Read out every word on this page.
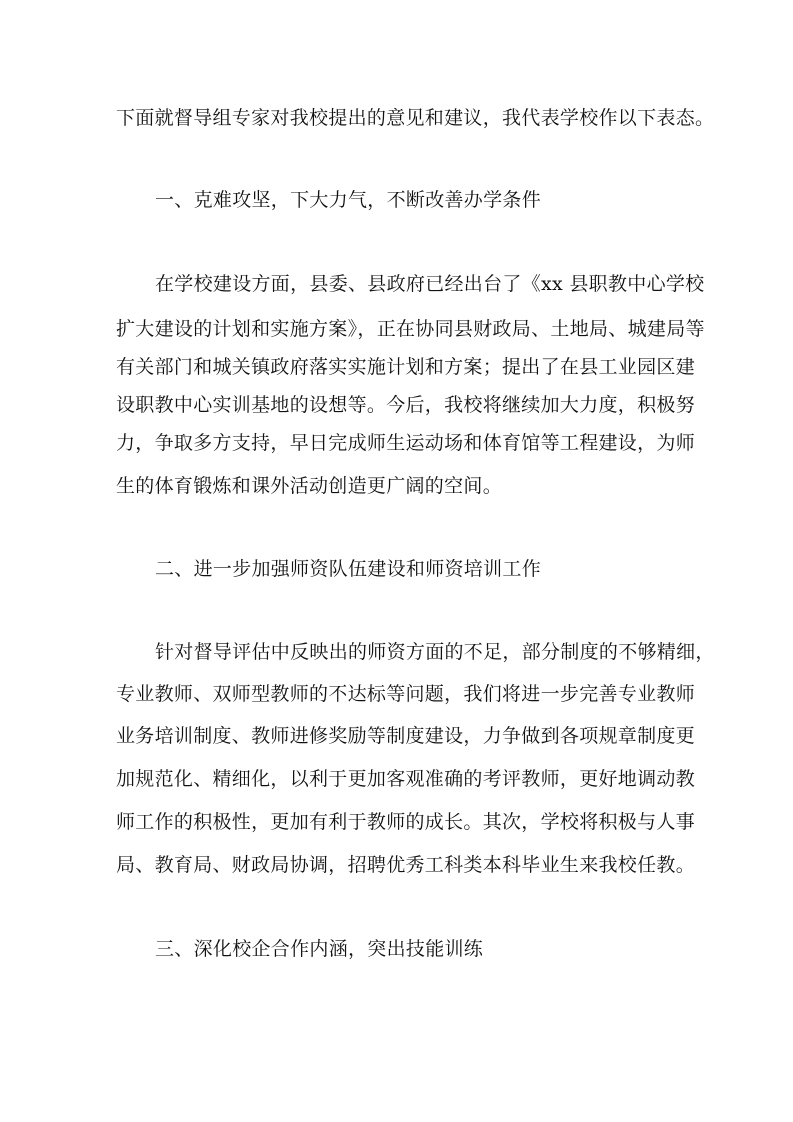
下面就督导组专家对我校提出的意见和建议，我代表学校作以下表态。
一、克难攻坚，下大力气，不断改善办学条件
在学校建设方面，县委、县政府已经出台了《xx 县职教中心学校
扩大建设的计划和实施方案》，正在协同县财政局、土地局、城建局等
有关部门和城关镇政府落实实施计划和方案；提出了在县工业园区建
设职教中心实训基地的设想等。今后，我校将继续加大力度，积极努
力，争取多方支持，早日完成师生运动场和体育馆等工程建设，为师
生的体育锻炼和课外活动创造更广阔的空间。
二、进一步加强师资队伍建设和师资培训工作
针对督导评估中反映出的师资方面的不足，部分制度的不够精细，
专业教师、双师型教师的不达标等问题，我们将进一步完善专业教师
业务培训制度、教师进修奖励等制度建设，力争做到各项规章制度更
加规范化、精细化，以利于更加客观准确的考评教师，更好地调动教
师工作的积极性，更加有利于教师的成长。其次，学校将积极与人事
局、教育局、财政局协调，招聘优秀工科类本科毕业生来我校任教。
三、深化校企合作内涵，突出技能训练
